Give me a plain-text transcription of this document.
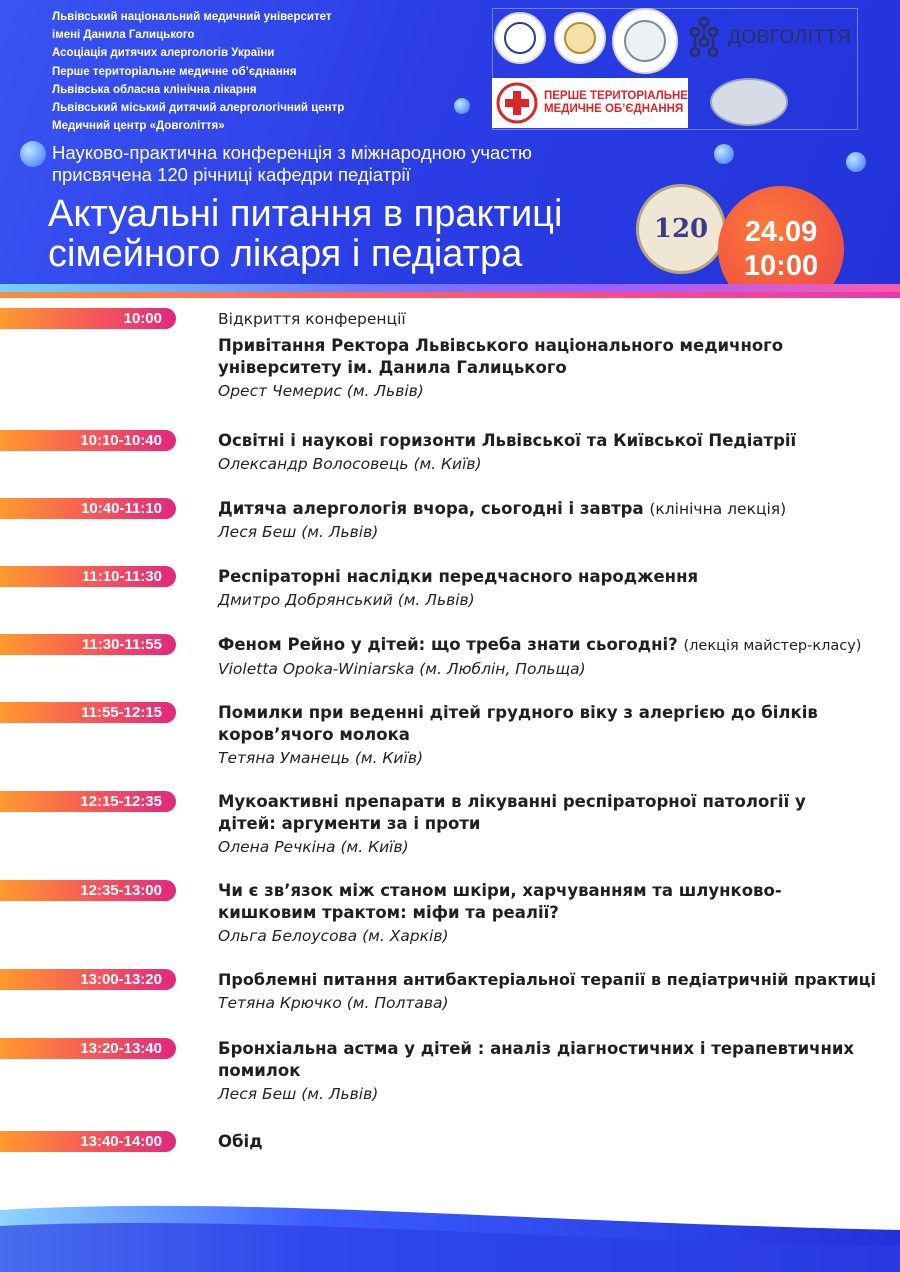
Львівський національний медичний університет
імені Данила Галицького
Асоціація дитячих алергологів України
Перше територіальне медичне об’єднання
Львівська обласна клінічна лікарня
Львівський міський дитячий алергологічний центр
Медичний центр «Довголіття»
ДОВГОЛІТТЯ
ПЕРШЕ ТЕРИТОРІАЛЬНЕ
МЕДИЧНЕ ОБ’ЄДНАННЯ
Науково-практична конференція з міжнародною участю
присвячена 120 річниці кафедри педіатрії
Актуальні питання в практиці
сімейного лікаря і педіатра
120 24.09
10:00
10:00	Відкриття конференції
Привітання Ректора Львівського національного медичного
університету ім. Данила Галицького
Орест Чемерис (м. Львів)
10:10-10:40	Освітні і наукові горизонти Львівської та Київської Педіатрії
Олександр Волосовець (м. Київ)
10:40-11:10	Дитяча алергологія вчора, сьогодні і завтра (клінічна лекція)
Леся Беш (м. Львів)
11:10-11:30	Респіраторні наслідки передчасного народження
Дмитро Добрянський (м. Львів)
11:30-11:55	Феном Рейно у дітей: що треба знати сьогодні? (лекція майстер-класу)
Violetta Opoka-Winiarska (м. Люблін, Польща)
11:55-12:15	Помилки при веденні дітей грудного віку з алергією до білків
коров’ячого молока
Тетяна Уманець (м. Київ)
12:15-12:35	Мукоактивні препарати в лікуванні респіраторної патології у
дітей: аргументи за і проти
Олена Речкіна (м. Київ)
12:35-13:00	Чи є зв’язок між станом шкіри, харчуванням та шлунково-
кишковим трактом: міфи та реалії?
Ольга Белоусова (м. Харків)
13:00-13:20	Проблемні питання антибактеріальної терапії в педіатричній практиці
Тетяна Крючко (м. Полтава)
13:20-13:40	Бронхіальна астма у дітей : аналіз діагностичних і терапевтичних
помилок
Леся Беш (м. Львів)
13:40-14:00	Обід
